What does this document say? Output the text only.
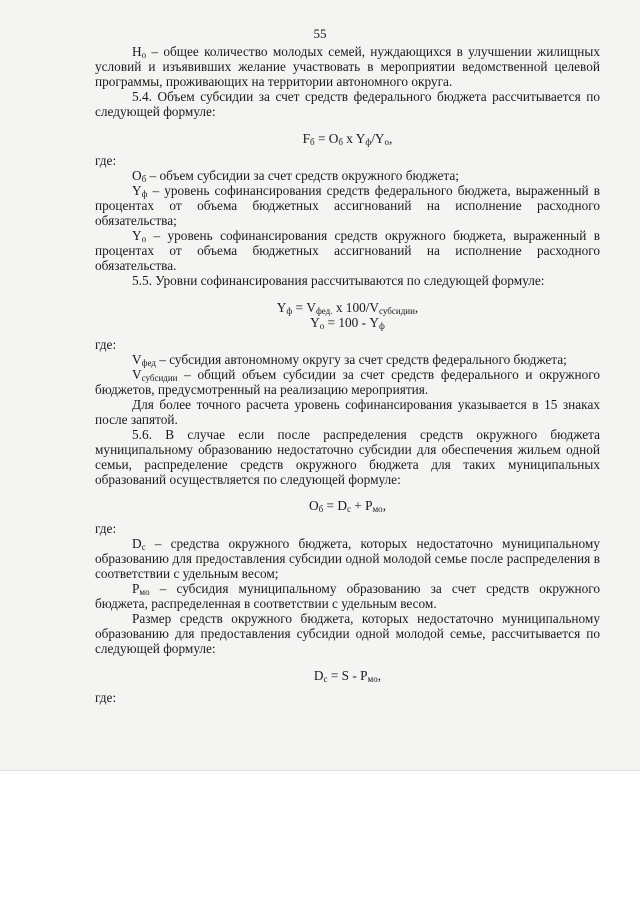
55

$Н_о$ – общее количество молодых семей, нуждающихся в улучшении жилищных условий и изъявивших желание участвовать в мероприятии ведомственной целевой программы, проживающих на территории автономного округа.

5.4. Объем субсидии за счет средств федерального бюджета рассчитывается по следующей формуле:

$F_б = O_б$ x $Y_ф/Y_о$,

где:

$О_б$ – объем субсидии за счет средств окружного бюджета;

$Y_ф$ – уровень софинансирования средств федерального бюджета, выраженный в процентах от объема бюджетных ассигнований на исполнение расходного обязательства;

$Y_о$ – уровень софинансирования средств окружного бюджета, выраженный в процентах от объема бюджетных ассигнований на исполнение расходного обязательства.

5.5. Уровни софинансирования рассчитываются по следующей формуле:

$Y_ф = V_{фед.}$ x $100/V_{субсидии}$,

$Y_о = 100 - Y_ф$

где:

$V_{фед}$ – субсидия автономному округу за счет средств федерального бюджета;

$V_{субсидии}$ – общий объем субсидии за счет средств федерального и окружного бюджетов, предусмотренный на реализацию мероприятия.

Для более точного расчета уровень софинансирования указывается в 15 знаках после запятой.

5.6. В случае если после распределения средств окружного бюджета муниципальному образованию недостаточно субсидии для обеспечения жильем одной семьи, распределение средств окружного бюджета для таких муниципальных образований осуществляется по следующей формуле:

$O_б = D_c + P_{мо}$,

где:

$D_c$ – средства окружного бюджета, которых недостаточно муниципальному образованию для предоставления субсидии одной молодой семье после распределения в соответствии с удельным весом;

$Р_{мо}$ – субсидия муниципальному образованию за счет средств окружного бюджета, распределенная в соответствии с удельным весом.

Размер средств окружного бюджета, которых недостаточно муниципальному образованию для предоставления субсидии одной молодой семье, рассчитывается по следующей формуле:

$D_c = S - P_{мо}$,

где:
